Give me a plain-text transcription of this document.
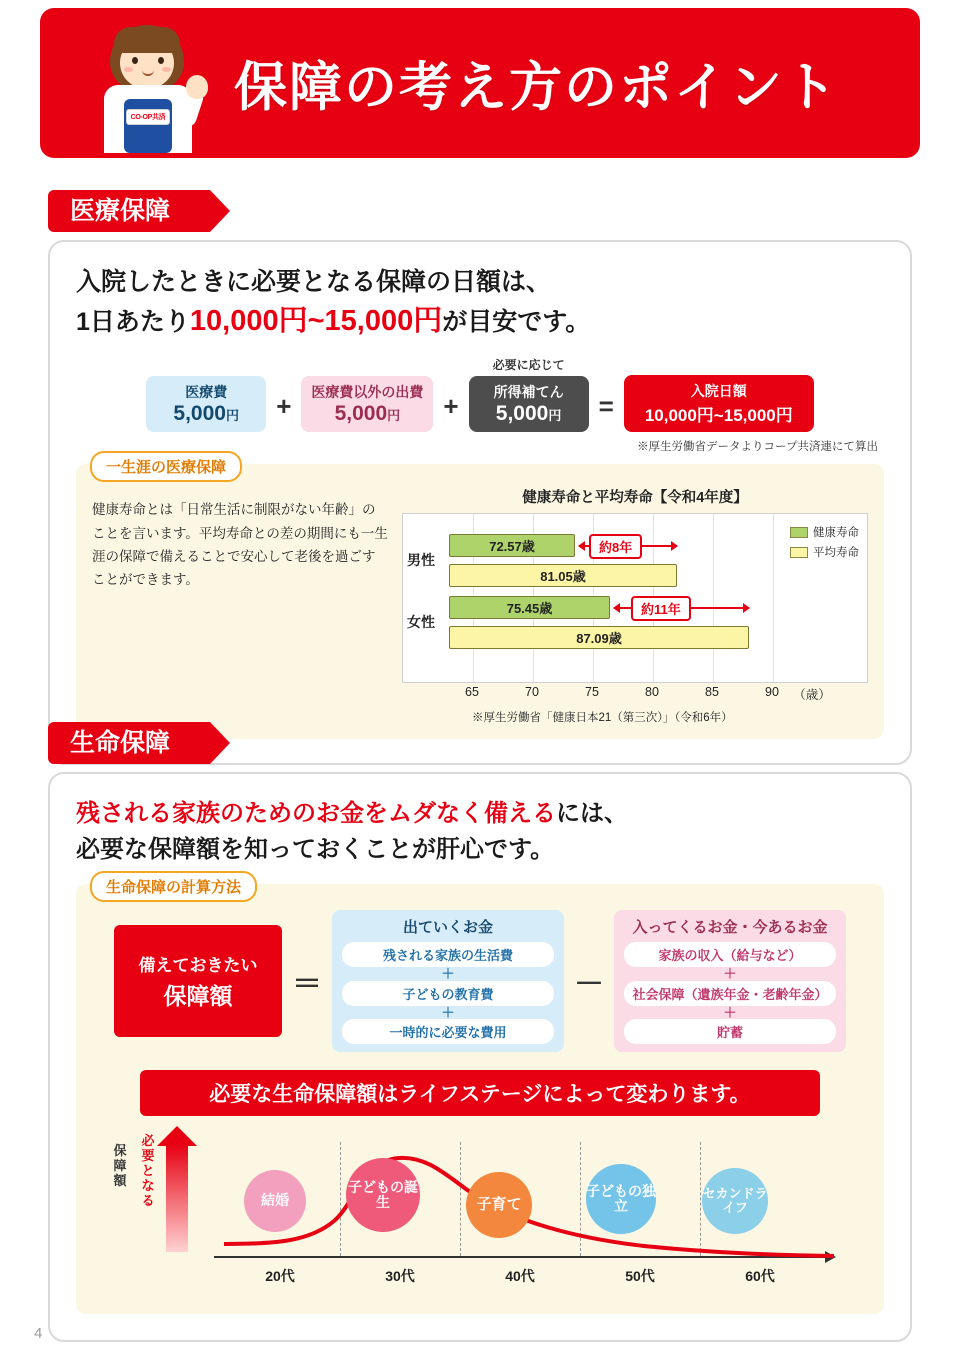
CO-OP共済
保障の考え方のポイント
医療保障
入院したときに必要となる保障の日額は、
1日あたり10,000円~15,000円が目安です。
医療費
5,000円	+ 医療費以外の出費
5,000円	+
必要に応じて
所得補てん
5,000円	=	入院日額
10,000円~15,000円
※厚生労働省データよりコープ共済連にて算出
一生涯の医療保障
健康寿命とは「日常生活に制限がない年齢」のことを言います。平均寿命との差の期間にも一生涯の保障で備えることで安心して老後を過ごすことができます。
健康寿命と平均寿命【令和4年度】
男性
女性
72.57歳
81.05歳
75.45歳
87.09歳
約8年
約11年
健康寿命
平均寿命
65	70	75	80	85	90 （歳）
※厚生労働省「健康日本21（第三次）」（令和6年）
生命保障
残される家族のためのお金をムダなく備えるには、
必要な保障額を知っておくことが肝心です。
生命保障の計算方法
備えておきたい
保障額 ＝
出ていくお金
残される家族の生活費
＋
子どもの教育費
＋
一時的に必要な費用
－
入ってくるお金・今あるお金
家族の収入（給与など）
＋
社会保障（遺族年金・老齢年金）
＋
貯蓄
必要な生命保障額はライフステージによって変わります。
保障額
必要となる	結婚
子どもの誕生	子育て
子どもの独立
セカンドライフ
20代	30代	40代	50代	60代
4
